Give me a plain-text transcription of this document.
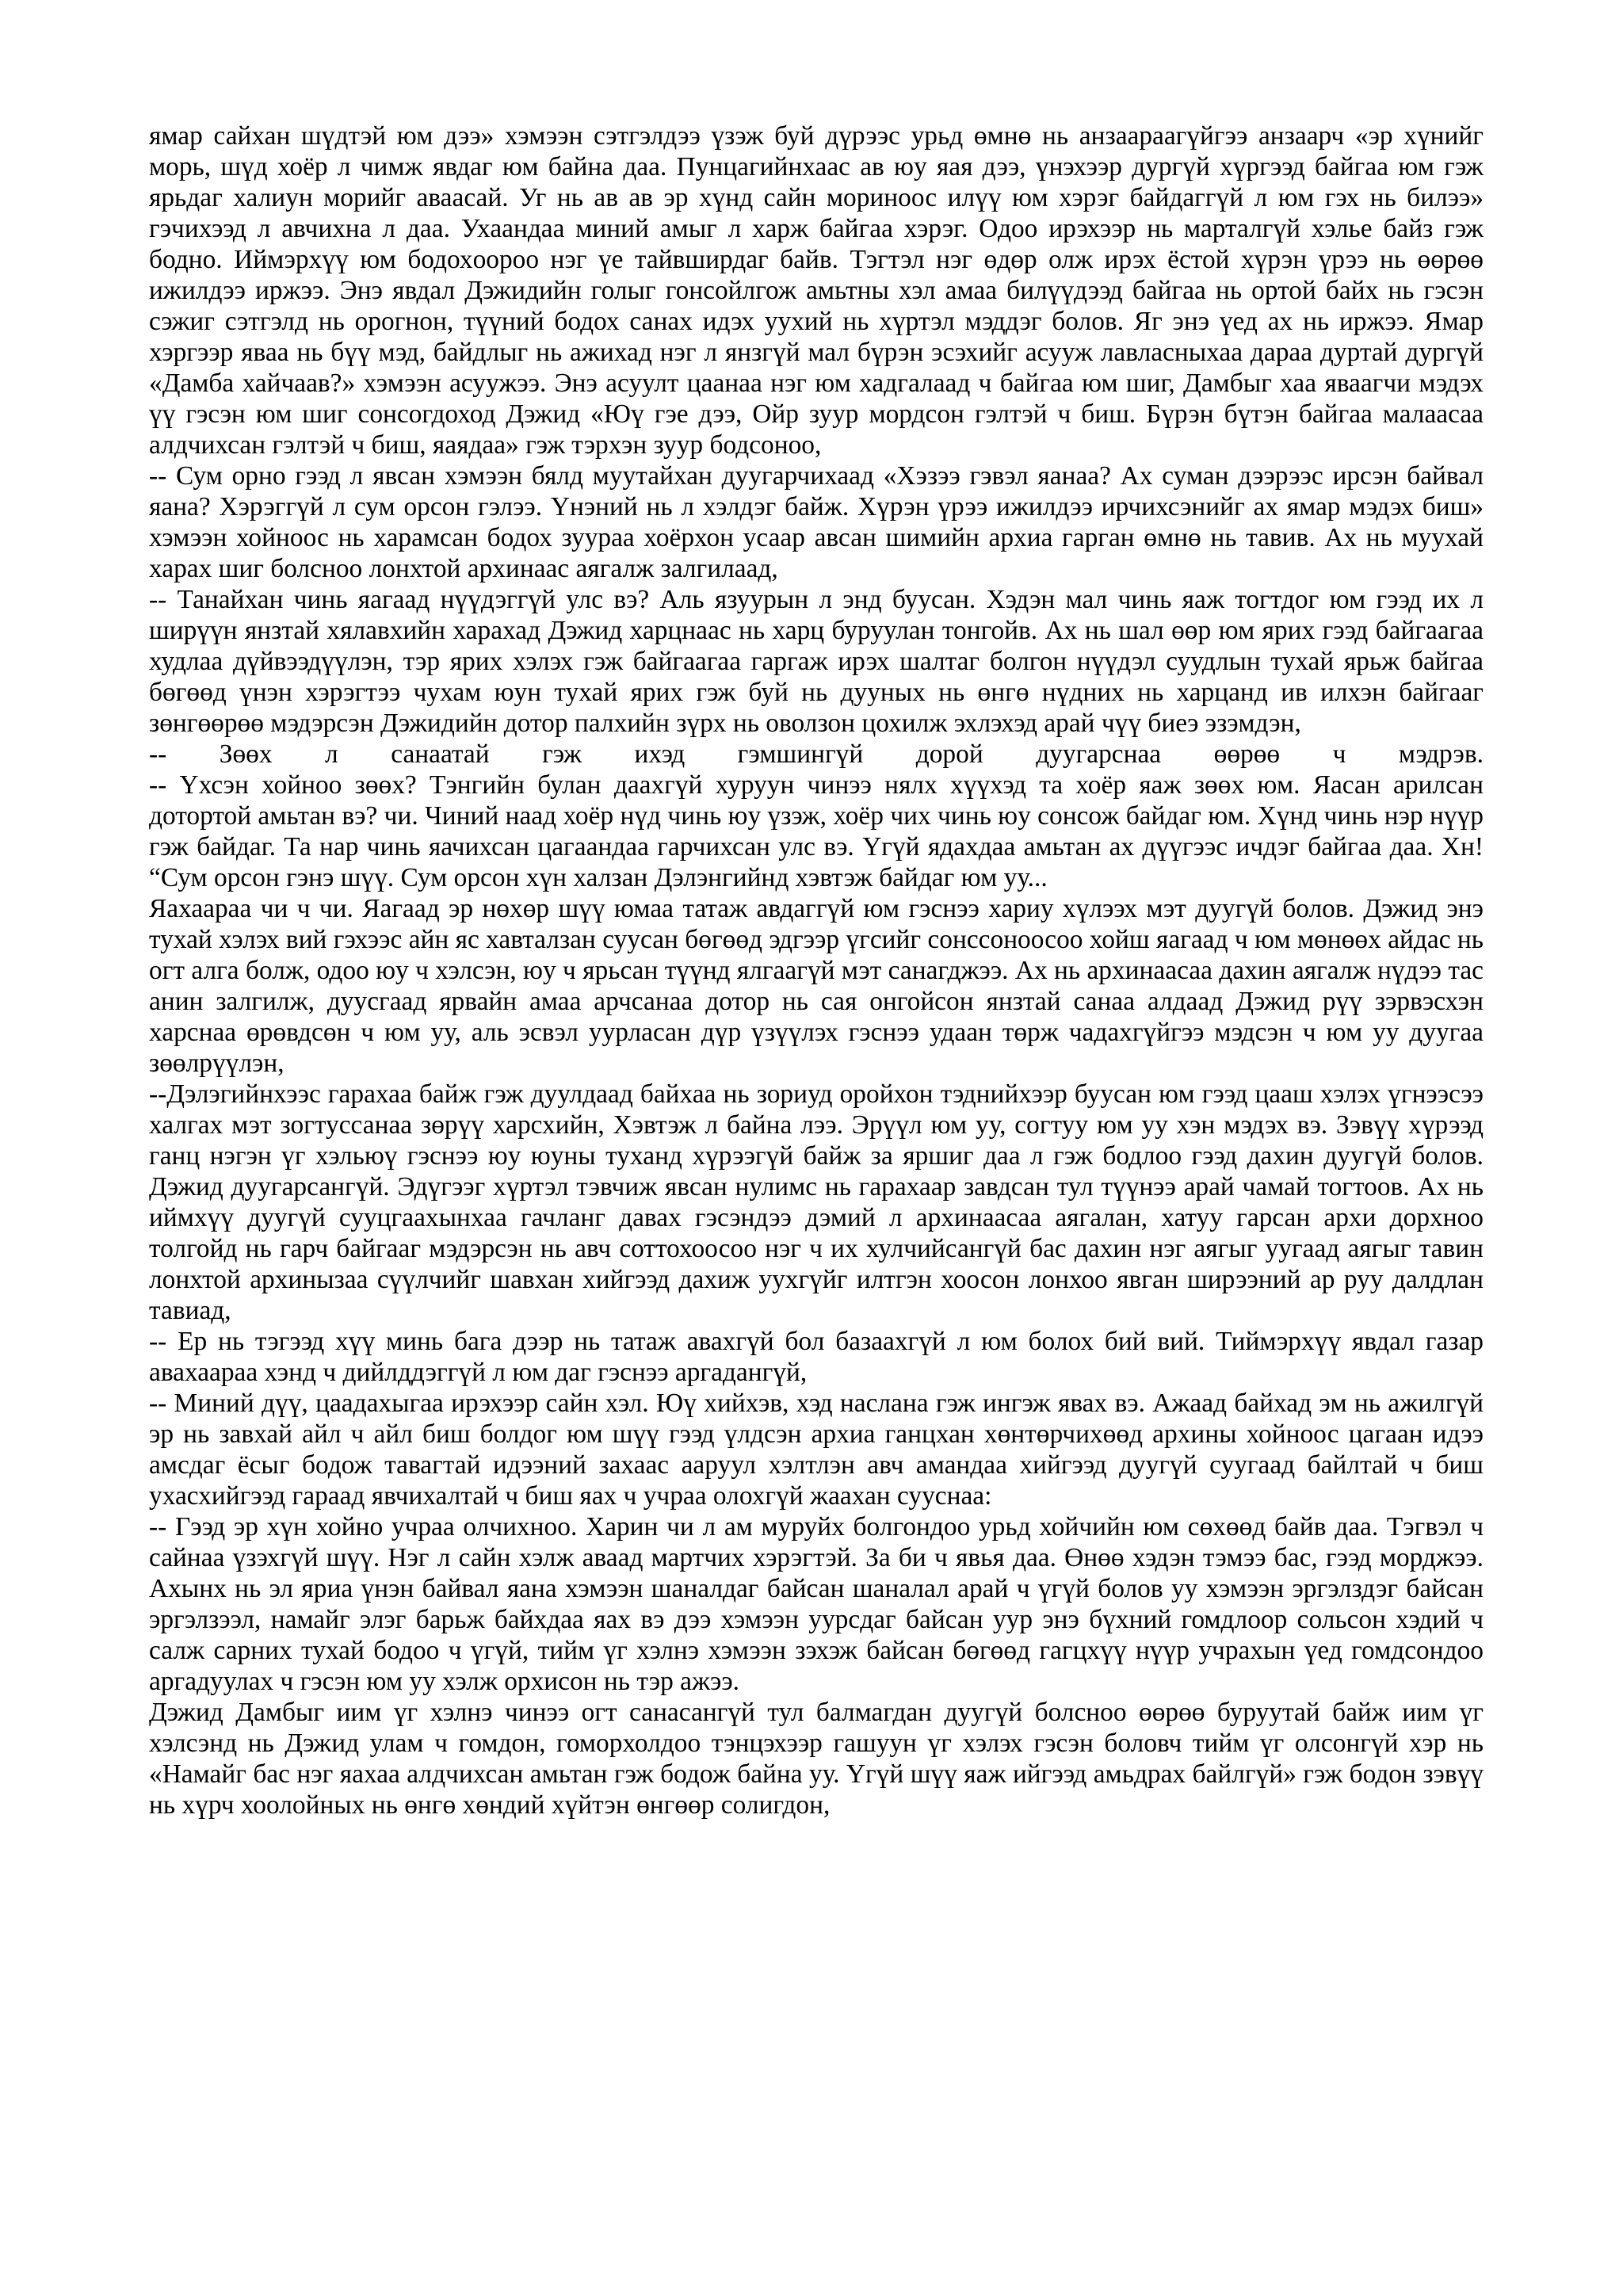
ямар сайхан шүдтэй юм дээ» хэмээн сэтгэлдээ үзэж буй дүрээс урьд өмнө нь анзаараагүйгээ анзаарч «эр хүнийг морь, шүд хоёр л чимж явдаг юм байна даа. Пунцагийнхаас ав юу яая дээ, үнэхээр дургүй хүргээд байгаа юм гэж ярьдаг халиун морийг аваасай. Уг нь ав ав эр хүнд сайн мориноос илүү юм хэрэг байдаггүй л юм гэх нь билээ» гэчихээд л авчихна л даа. Ухаандаа миний амыг л харж байгаа хэрэг. Одоо ирэхээр нь марталгүй хэлье байз гэж бодно. Иймэрхүү юм бодохooроо нэг үе тайвширдаг байв. Тэгтэл нэг өдөр олж ирэх ёстой хүрэн үрээ нь өөрөө ижилдээ иржээ. Энэ явдал Дэжидийн голыг гонсойлгож амьтны хэл амаа билүүдээд байгаа нь ортой байх нь гэсэн сэжиг сэтгэлд нь орогнон, түүний бодох санах идэх уухий нь хүртэл мэддэг болов. Яг энэ үед ах нь иржээ. Ямар хэргээр яваа нь бүү мэд, байдлыг нь ажихад нэг л янзгүй мал бүрэн эсэхийг асууж лавласныхаа дараа дуртай дургүй «Дамба хайчаав?» хэмээн асуужээ. Энэ асуулт цаанаа нэг юм хадгалаад ч байгаа юм шиг, Дамбыг хаа яваагчи мэдэх үү гэсэн юм шиг сонсогдоход Дэжид «Юү гэе дээ, Ойр зуур мордсон гэлтэй ч биш. Бүрэн бүтэн байгаа малаасаа алдчихсан гэлтэй ч биш, яаядаа» гэж тэрхэн зуур бодсоноо,

-- Сум орно гээд л явсан хэмээн бялд муутайхан дуугарчихаад «Хэзээ гэвэл яанаа? Ах суман дээрээс ирсэн байвал яана? Хэрэггүй л сум орсон гэлээ. Үнэний нь л хэлдэг байж. Хүрэн үрээ ижилдээ ирчихсэнийг ах ямар мэдэх биш» хэмээн хойноос нь харамсан бодох зуураа хоёрхон усаар авсан шимийн архиа гарган өмнө нь тавив. Ах нь муухай харах шиг болсноо лонхтой архинаас аягалж залгилаад,

-- Танайхан чинь яагаад нүүдэггүй улс вэ? Аль язуурын л энд буусан. Хэдэн мал чинь яаж тогтдог юм гээд их л ширүүн янзтай хялавхийн харахад Дэжид харцнаас нь харц буруулан тонгойв. Ах нь шал өөр юм ярих гээд байгаагаа худлаа дүйвээдүүлэн, тэр ярих хэлэх гэж байгаагаа гаргаж ирэх шалтаг болгон нүүдэл суудлын тухай ярьж байгаа бөгөөд үнэн хэрэгтээ чухам юун тухай ярих гэж буй нь дууных нь өнгө нүдних нь харцанд ив илхэн байгааг зөнгөөрөө мэдэрсэн Дэжидийн дотор палхийн зүрх нь оволзон цохилж эхлэхэд арай чүү биеэ эзэмдэн,

-- Зөөх л санаатай гэж ихэд гэмшингүй дорой дуугарснаа өөрөө ч мэдрэв.

-- Үхсэн хойноо зөөх? Тэнгийн булан даахгүй хуруун чинээ нялх хүүхэд та хоёр яаж зөөх юм. Яасан арилсан дотортой амьтан вэ? чи. Чиний наад хоёр нүд чинь юу үзэж, хоёр чих чинь юу сонсож байдаг юм. Хүнд чинь нэр нүүр гэж байдаг. Та нар чинь яачихсан цагаандаа гарчихсан улс вэ. Үгүй ядахдаа амьтан ах дүүгээс ичдэг байгаа даа. Хн! “Сум орсон гэнэ шүү. Сум орсон хүн халзан Дэлэнгийнд хэвтэж байдаг юм уу...

Яахаараа чи ч чи. Яагаад эр нөхөр шүү юмаа татаж авдаггүй юм гэснээ хариу хүлээх мэт дуугүй болов. Дэжид энэ тухай хэлэх вий гэхээс айн яс хавталзан суусан бөгөөд эдгээр үгсийг сонссоноосоо хойш яагаад ч юм мөнөөх айдас нь огт алга болж, одоо юу ч хэлсэн, юу ч ярьсан түүнд ялгаагүй мэт санагджээ. Ах нь архинаасаа дахин аягалж нүдээ тас анин залгилж, дуусгаад ярвайн амаа арчсанаа дотор нь сая онгойсон янзтай санаа алдаад Дэжид рүү зэрвэсхэн харснаа өрөвдсөн ч юм уу, аль эсвэл уурласан дүр үзүүлэх гэснээ удаан төрж чадахгүйгээ мэдсэн ч юм уу дуугаа зөөлрүүлэн,

--Дэлэгийнхээс гарахаа байж гэж дуулдаад байхаа нь зориуд оройхон тэднийхээр буусан юм гээд цааш хэлэх үгнээсээ халгах мэт зогтуссанаа зөрүү харсхийн, Хэвтэж л байна лээ. Эрүүл юм уу, согтуу юм уу хэн мэдэх вэ. Зэвүү хүрээд ганц нэгэн үг хэльюү гэснээ юу юуны туханд хүрээгүй байж за яршиг даа л гэж бодлоо гээд дахин дуугүй болов. Дэжид дуугарсангүй. Эдүгээг хүртэл тэвчиж явсан нулимс нь гарахаар завдсан тул түүнээ арай чамай тогтоов. Ах нь иймхүү дуугүй сууцгаахынхаа гачланг давах гэсэндээ дэмий л архинаасаа аягалан, хатуу гарсан архи дорхноо толгойд нь гарч байгааг мэдэрсэн нь авч соттохоосоо нэг ч их хулчийсангүй бас дахин нэг аягыг уугаад аягыг тавин лонхтой архинызаа сүүлчийг шавхан хийгээд дахиж уухгүйг илтгэн хоосон лонхоо явган ширээний ар руу далдлан тавиад,

-- Ер нь тэгээд хүү минь бага дээр нь татаж авахгүй бол базаахгүй л юм болох бий вий. Тиймэрхүү явдал газар авахаараа хэнд ч дийлддэггүй л юм даг гэснээ аргадангүй,

-- Миний дүү, цаадахыгаа ирэхээр сайн хэл. Юү хийхэв, хэд насланa гэж ингэж явах вэ. Ажаад байхад эм нь ажилгүй эр нь завхай айл ч айл биш болдог юм шүү гээд үлдсэн архиа ганцхан хөнтөрчихөөд архины хойноос цагаан идээ амсдаг ёсыг бодож тавагтай идээний захаас ааруул хэлтлэн авч амандаа хийгээд дуугүй суугаад байлтай ч биш ухасхийгээд гараад явчихалтай ч биш яах ч учраа олохгүй жаахан сууснаа:

-- Гээд эр хүн хойно учраа олчихноо. Харин чи л ам муруйх болгондоо урьд хойчийн юм сөхөөд байв даа. Тэгвэл ч сайнаа үзэхгүй шүү. Нэг л сайн хэлж аваад мартчих хэрэгтэй. За би ч явья даа. Өнөө хэдэн тэмээ бас, гээд морджээ. Ахынх нь эл яриа үнэн байвал яана хэмээн шаналдаг байсан шаналал арай ч үгүй болов уу хэмээн эргэлздэг байсан эргэлзээл, намайг элэг барьж байхдаа яах вэ дээ хэмээн уурсдаг байсан уур энэ бүхний гомдлоор сольсон хэдий ч салж сарних тухай бодоо ч үгүй, тийм үг хэлнэ хэмээн зэхэж байсан бөгөөд гагцхүү нүүр учрахын үед гомдсондоо аргадуулах ч гэсэн юм уу хэлж орхисон нь тэр ажээ.

Дэжид Дамбыг иим үг хэлнэ чинээ огт санасангүй тул балмагдан дуугүй болсноо өөрөө буруутай байж иим үг хэлсэнд нь Дэжид улам ч гомдон, гоморхолдоо тэнцэхээр гашуун үг хэлэх гэсэн боловч тийм үг олсонгүй хэр нь «Намайг бас нэг яахаа алдчихсан амьтан гэж бодож байна уу. Үгүй шүү яаж ийгээд амьдрах байлгүй» гэж бодон зэвүү нь хүрч хоолойных нь өнгө хөндий хүйтэн өнгөөр солигдон,
